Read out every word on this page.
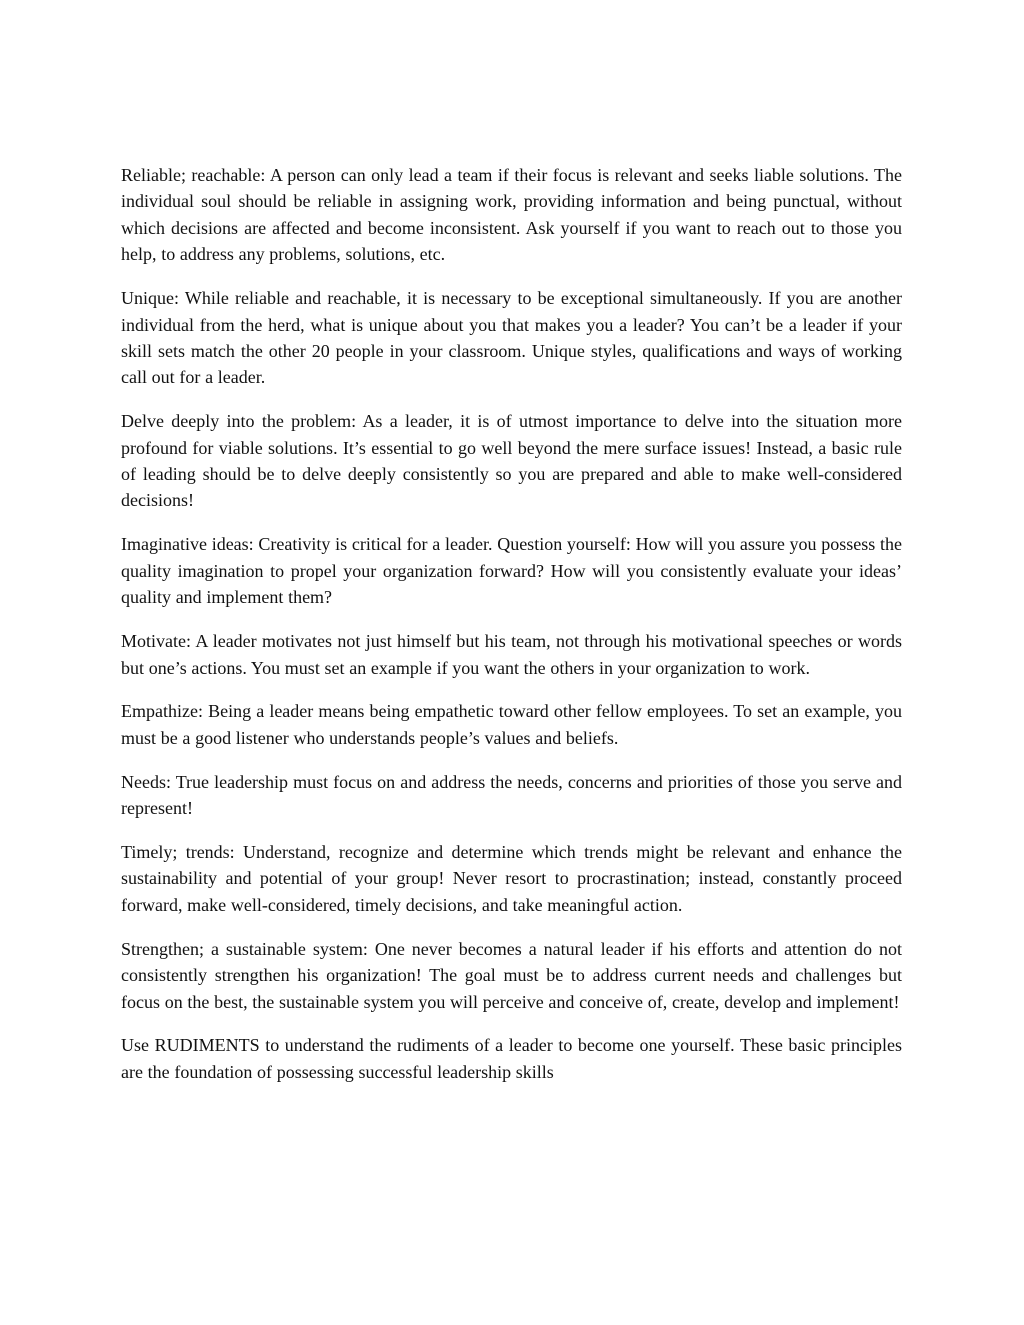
Reliable; reachable: A person can only lead a team if their focus is relevant and seeks liable solutions. The individual soul should be reliable in assigning work, providing information and being punctual, without which decisions are affected and become inconsistent. Ask yourself if you want to reach out to those you help, to address any problems, solutions, etc.

Unique: While reliable and reachable, it is necessary to be exceptional simultaneously. If you are another individual from the herd, what is unique about you that makes you a leader? You can’t be a leader if your skill sets match the other 20 people in your classroom. Unique styles, qualifications and ways of working call out for a leader.

Delve deeply into the problem: As a leader, it is of utmost importance to delve into the situation more profound for viable solutions. It’s essential to go well beyond the mere surface issues! Instead, a basic rule of leading should be to delve deeply consistently so you are prepared and able to make well-considered decisions!

Imaginative ideas: Creativity is critical for a leader. Question yourself: How will you assure you possess the quality imagination to propel your organization forward? How will you consistently evaluate your ideas’ quality and implement them?

Motivate: A leader motivates not just himself but his team, not through his motivational speeches or words but one’s actions. You must set an example if you want the others in your organization to work.

Empathize: Being a leader means being empathetic toward other fellow employees. To set an example, you must be a good listener who understands people’s values and beliefs.

Needs: True leadership must focus on and address the needs, concerns and priorities of those you serve and represent!

Timely; trends: Understand, recognize and determine which trends might be relevant and enhance the sustainability and potential of your group! Never resort to procrastination; instead, constantly proceed forward, make well-considered, timely decisions, and take meaningful action.

Strengthen; a sustainable system: One never becomes a natural leader if his efforts and attention do not consistently strengthen his organization! The goal must be to address current needs and challenges but focus on the best, the sustainable system you will perceive and conceive of, create, develop and implement!

Use RUDIMENTS to understand the rudiments of a leader to become one yourself. These basic principles are the foundation of possessing successful leadership skills
